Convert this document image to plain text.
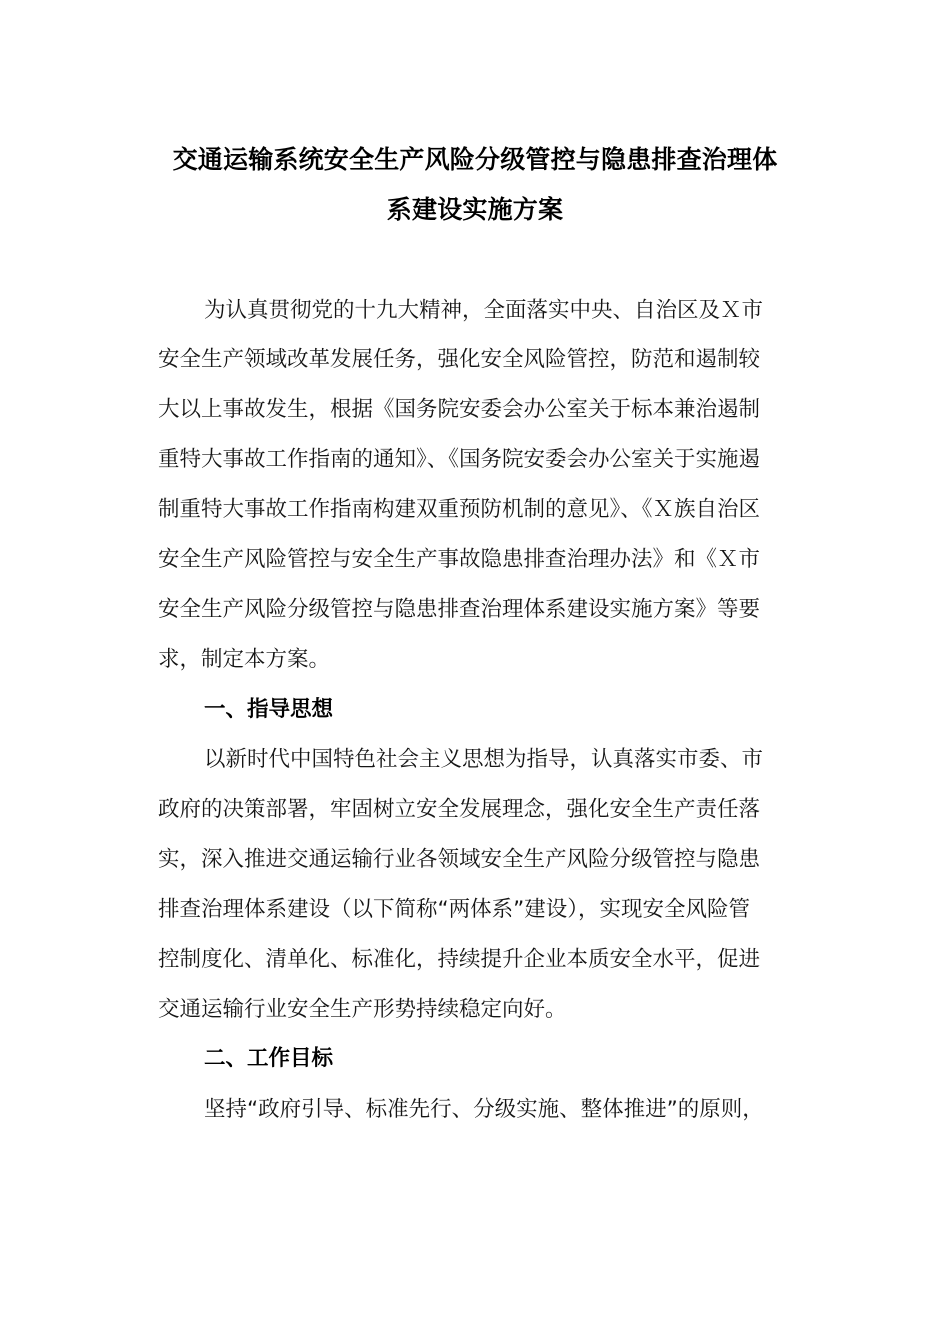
交通运输系统安全生产风险分级管控与隐患排查治理体
系建设实施方案
为认真贯彻党的十九大精神，全面落实中央、自治区及Ｘ市
安全生产领域改革发展任务，强化安全风险管控，防范和遏制较
大以上事故发生，根据《国务院安委会办公室关于标本兼治遏制
重特大事故工作指南的通知》、《国务院安委会办公室关于实施遏
制重特大事故工作指南构建双重预防机制的意见》、《Ｘ族自治区
安全生产风险管控与安全生产事故隐患排查治理办法》和《Ｘ市
安全生产风险分级管控与隐患排查治理体系建设实施方案》等要
求，制定本方案。
一、指导思想
以新时代中国特色社会主义思想为指导，认真落实市委、市
政府的决策部署，牢固树立安全发展理念，强化安全生产责任落
实，深入推进交通运输行业各领域安全生产风险分级管控与隐患
排查治理体系建设（以下简称“两体系”建设），实现安全风险管
控制度化、清单化、标准化，持续提升企业本质安全水平，促进
交通运输行业安全生产形势持续稳定向好。
二、工作目标
坚持“政府引导、标准先行、分级实施、整体推进”的原则，
